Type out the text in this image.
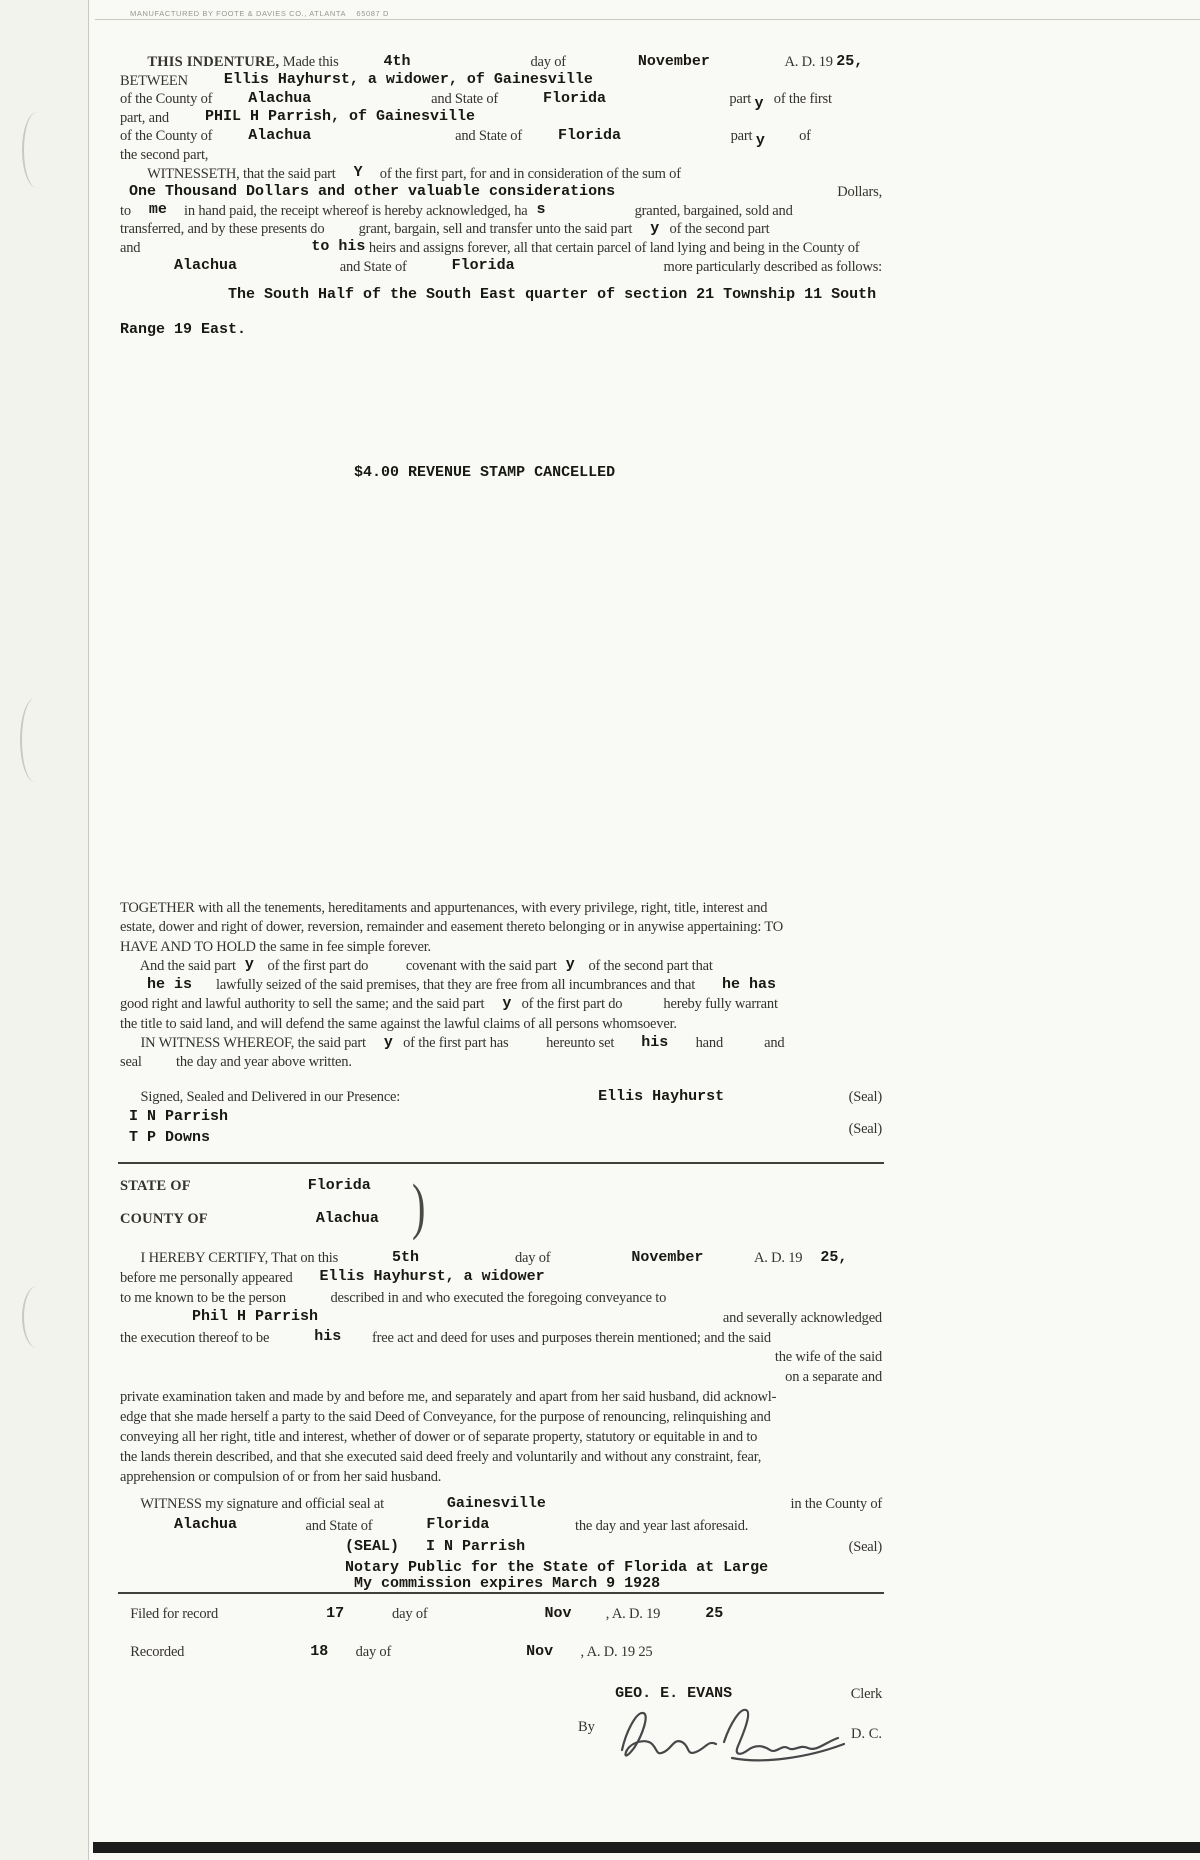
MANUFACTURED BY FOOTE & DAVIES CO., ATLANTA    65087 D
THIS INDENTURE, Made this     4th                                   day of        November                      A. D. 19 25,
BETWEEN    Ellis Hayhurst, a widower, of Gainesville
of the County of    Alachua                                   and State of     Florida                                    part y   of the first
part, and    PHIL H Parrish, of Gainesville
of the County of    Alachua                                          and State of    Florida                                part y          of
the second part,
WITNESSETH, that the said part  Y     of the first part, for and in consideration of the sum of
One Thousand Dollars and other valuable considerations	Dollars,
to  me     in hand paid, the receipt whereof is hereby acknowledged, ha s                          granted, bargained, sold and
transferred, and by these presents do          grant, bargain, sell and transfer unto the said part  y   of the second part
and                   to his heirs and assigns forever, all that certain parcel of land lying and being in the County of
Alachua                              and State of     Florida	more particularly described as follows:
The South Half of the South East quarter of section 21 Township 11 South
Range 19 East.
$4.00 REVENUE STAMP CANCELLED
TOGETHER with all the tenements, hereditaments and appurtenances, with every privilege, right, title, interest and
estate, dower and right of dower, reversion, remainder and easement thereto belonging or in anywise appertaining: TO
HAVE AND TO HOLD the same in fee simple forever.
And the said part y    of the first part do           covenant with the said part y    of the second part that
he is       lawfully seized of the said premises, that they are free from all incumbrances and that   he has
good right and lawful authority to sell the same; and the said part  y   of the first part do            hereby fully warrant
the title to said land, and will defend the same against the lawful claims of all persons whomsoever.
IN WITNESS WHEREOF, the said part  y   of the first part has           hereunto set   his        hand            and
seal          the day and year above written.
Signed, Sealed and Delivered in our Presence:                      Ellis Hayhurst	(Seal)
I N Parrish
(Seal)
T P Downs
)
STATE OF             Florida
COUNTY OF            Alachua
I HEREBY CERTIFY, That on this      5th                            day of         November               A. D. 19  25,
before me personally appeared   Ellis Hayhurst, a widower
to me known to be the person             described in and who executed the foregoing conveyance to
Phil H Parrish	and severally acknowledged
the execution thereof to be     his         free act and deed for uses and purposes therein mentioned; and the said
the wife of the said
on a separate and
private examination taken and made by and before me, and separately and apart from her said husband, did acknowl-
edge that she made herself a party to the said Deed of Conveyance, for the purpose of renouncing, relinquishing and
conveying all her right, title and interest, whether of dower or of separate property, statutory or equitable in and to
the lands therein described, and that she executed said deed freely and voluntarily and without any constraint, fear,
apprehension or compulsion of or from her said husband.
WITNESS my signature and official seal at       Gainesville	in the County of
Alachua                    and State of      Florida                         the day and year last aforesaid.
(SEAL)   I N Parrish	(Seal)
Notary Public for the State of Florida at Large
My commission expires March 9 1928
Filed for record            17              day of             Nov          , A. D. 19     25
Recorded              18        day of               Nov        , A. D. 19 25
GEO. E. EVANS	Clerk
By	D. C.
